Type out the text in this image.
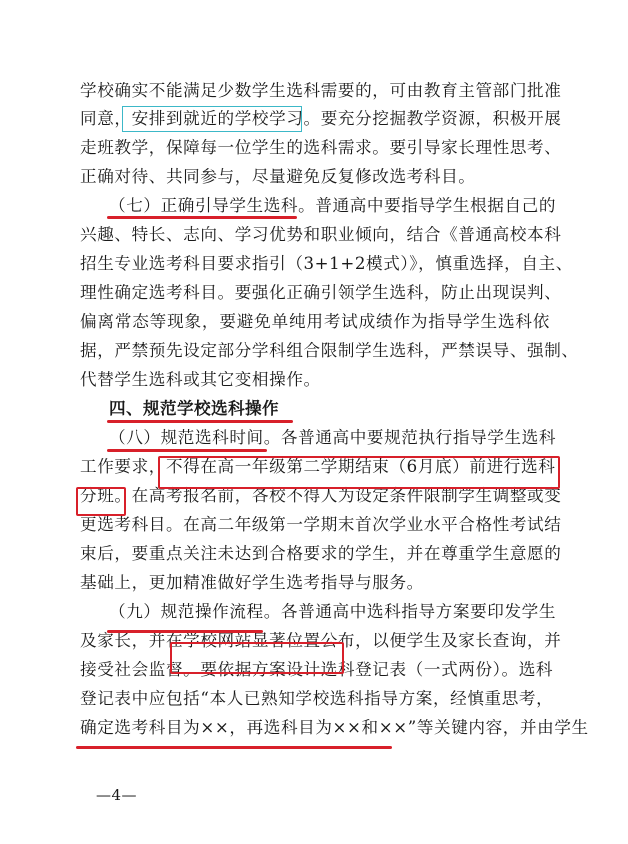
学校确实不能满足少数学生选科需要的，可由教育主管部门批准
同意，安排到就近的学校学习。要充分挖掘教学资源，积极开展
走班教学，保障每一位学生的选科需求。要引导家长理性思考、
正确对待、共同参与，尽量避免反复修改选考科目。
（七）正确引导学生选科。普通高中要指导学生根据自己的
兴趣、特长、志向、学习优势和职业倾向，结合《普通高校本科
招生专业选考科目要求指引（3+1+2模式）》，慎重选择，自主、
理性确定选考科目。要强化正确引领学生选科，防止出现误判、
偏离常态等现象，要避免单纯用考试成绩作为指导学生选科依
据，严禁预先设定部分学科组合限制学生选科，严禁误导、强制、
代替学生选科或其它变相操作。
四、规范学校选科操作
（八）规范选科时间。各普通高中要规范执行指导学生选科
工作要求，不得在高一年级第二学期结束（6月底）前进行选科
分班。在高考报名前，各校不得人为设定条件限制学生调整或变
更选考科目。在高二年级第一学期末首次学业水平合格性考试结
束后，要重点关注未达到合格要求的学生，并在尊重学生意愿的
基础上，更加精准做好学生选考指导与服务。
（九）规范操作流程。各普通高中选科指导方案要印发学生
及家长，并在学校网站显著位置公布，以便学生及家长查询，并
接受社会监督。要依据方案设计选科登记表（一式两份）。选科
登记表中应包括“本人已熟知学校选科指导方案，经慎重思考，
确定选考科目为××，再选科目为××和××”等关键内容，并由学生
—4—
